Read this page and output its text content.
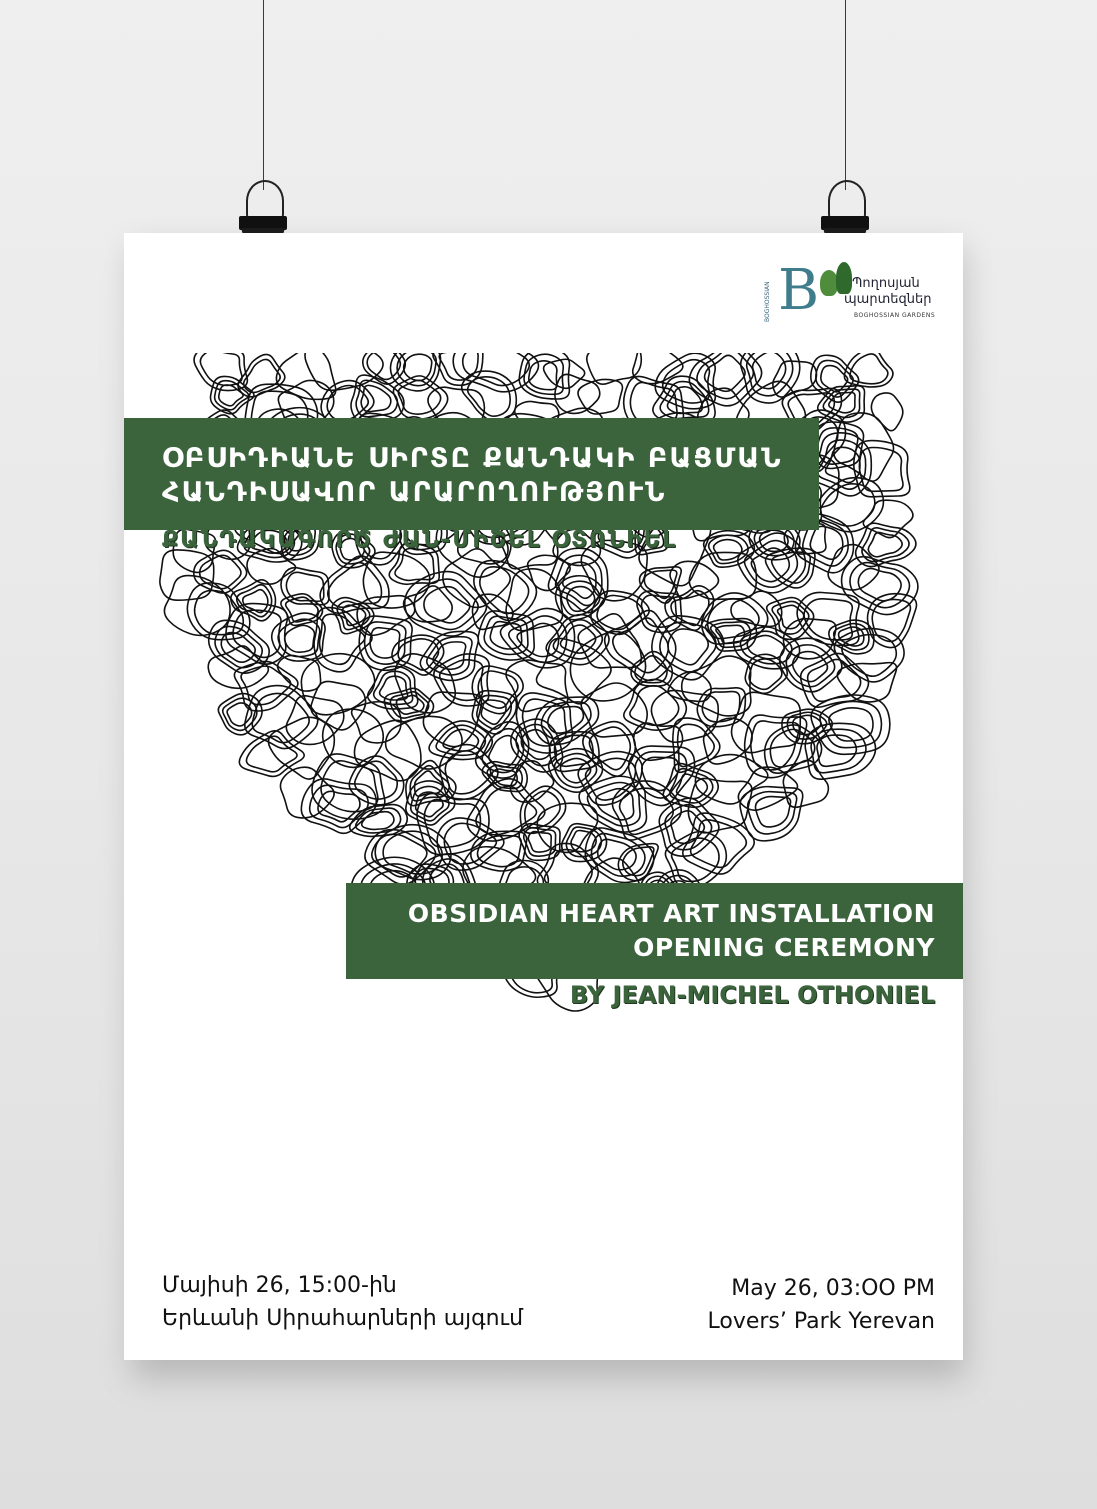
BOGHOSSIAN B	Պողոսյան
պարտեզներ
BOGHOSSIAN GARDENS
ՕԲՍԻԴԻԱՆԵ ՍԻՐՏԸ ՔԱՆԴԱԿԻ ԲԱՑՄԱՆ
ՀԱՆԴԻՍԱՎՈՐ ԱՐԱՐՈՂՈՒԹՅՈՒՆ
ՔԱՆԴԱԿԱԳՈՐԾ ԺԱՆ-ՄԻՇԵԼ ՕՏՈՆԻԵԼ
OBSIDIAN HEART ART INSTALLATION
OPENING CEREMONY
BY JEAN-MICHEL OTHONIEL
Մայիսի 26, 15:00-ին
Երևանի Սիրահարների այգում
May 26, 03:OO PM
Lovers’ Park Yerevan
